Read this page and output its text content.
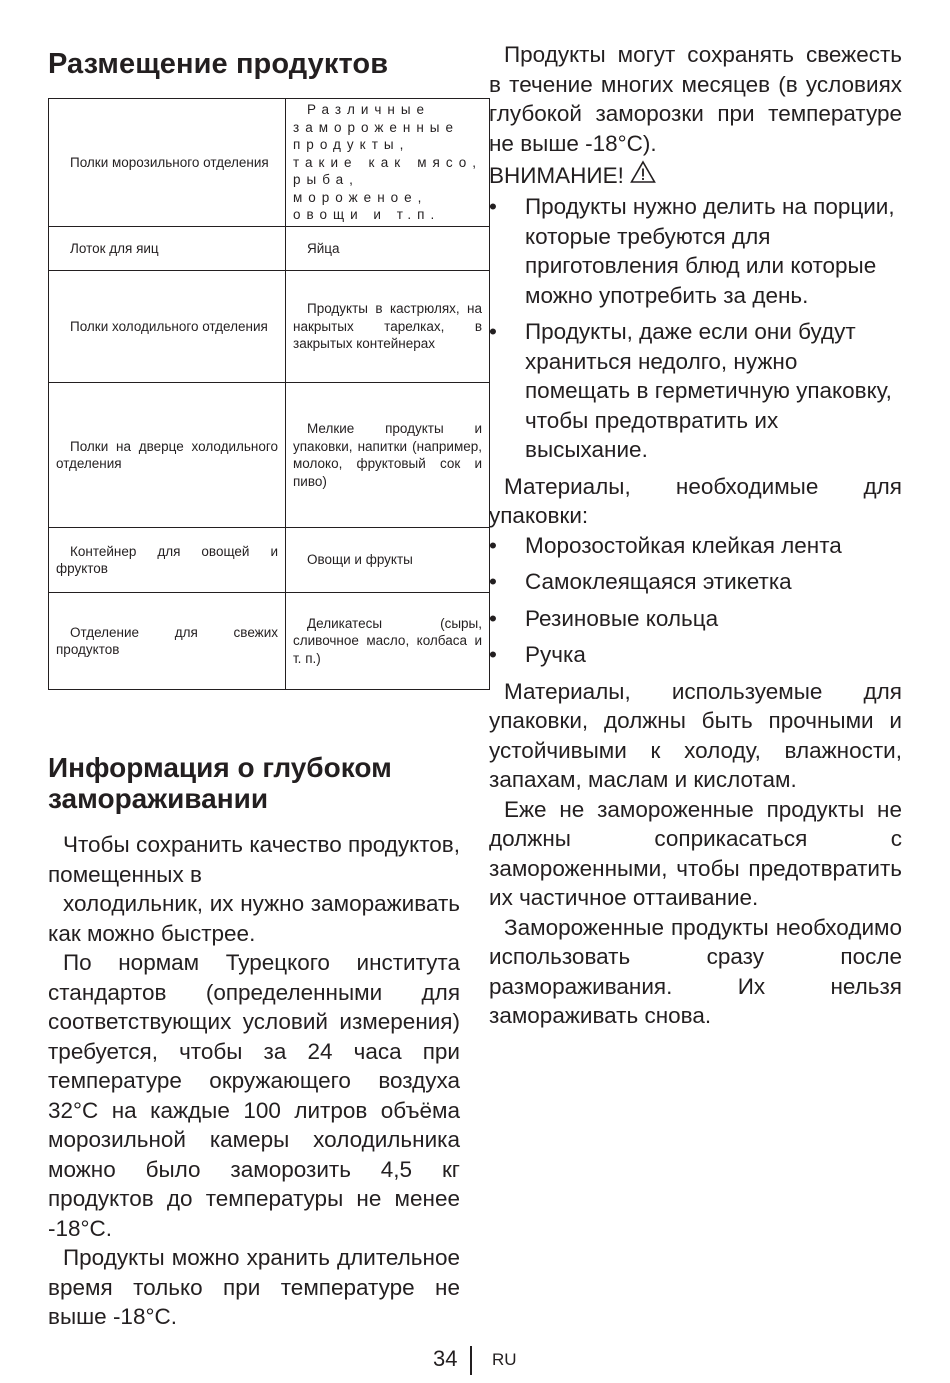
Размещение продуктов
Полки морозильного отделения	Различные замороженные продукты, такие как мясо, рыба, мороженое, овощи и т.п.

Лоток для яиц	Яйца

Полки холодильного отделения	Продукты в кастрюлях, на накрытых тарелках, в закрытых контейнерах

Полки на дверце холодильного отделения	Мелкие продукты и упаковки, напитки (например, молоко, фруктовый сок и пиво)

Контейнер для овощей и фруктов	Овощи и фрукты

Отделение для свежих продуктов	Деликатесы (сыры, сливочное масло, колбаса и т. п.)
Информация о глубоком замораживании

Чтобы сохранить качество продуктов, помещенных в

холодильник, их нужно замораживать как можно быстрее.

По нормам Турецкого института стандартов (определенными для соответствующих условий измерения) требуется, чтобы за 24 часа при температуре окружающего воздуха 32°C на каждые 100 литров объёма морозильной камеры холодильника можно было заморозить 4,5 кг продуктов до температуры не менее -18°C.

Продукты можно хранить длительное время только при температуре не выше -18°C.

Продукты могут сохранять свежесть в течение многих месяцев (в условиях глубокой заморозки при температуре не выше -18°C).

ВНИМАНИЕ!
•	Продукты нужно делить на порции, которые требуются для приготовления блюд или которые можно употребить за день.
•	Продукты, даже если они будут храниться недолго, нужно помещать в герметичную упаковку, чтобы предотвратить их высыхание.

Материалы, необходимые для упаковки:

•	Морозостойкая клейкая лента
•	Самоклеящаяся этикетка
•	Резиновые кольца
•	Ручка

Материалы, используемые для упаковки, должны быть прочными и устойчивыми к холоду, влажности, запахам, маслам и кислотам.

Еже не замороженные продукты не должны соприкасаться с замороженными, чтобы предотвратить их частичное оттаивание.

Замороженные продукты необходимо использовать сразу после размораживания. Их нельзя замораживать снова.

34 RU
